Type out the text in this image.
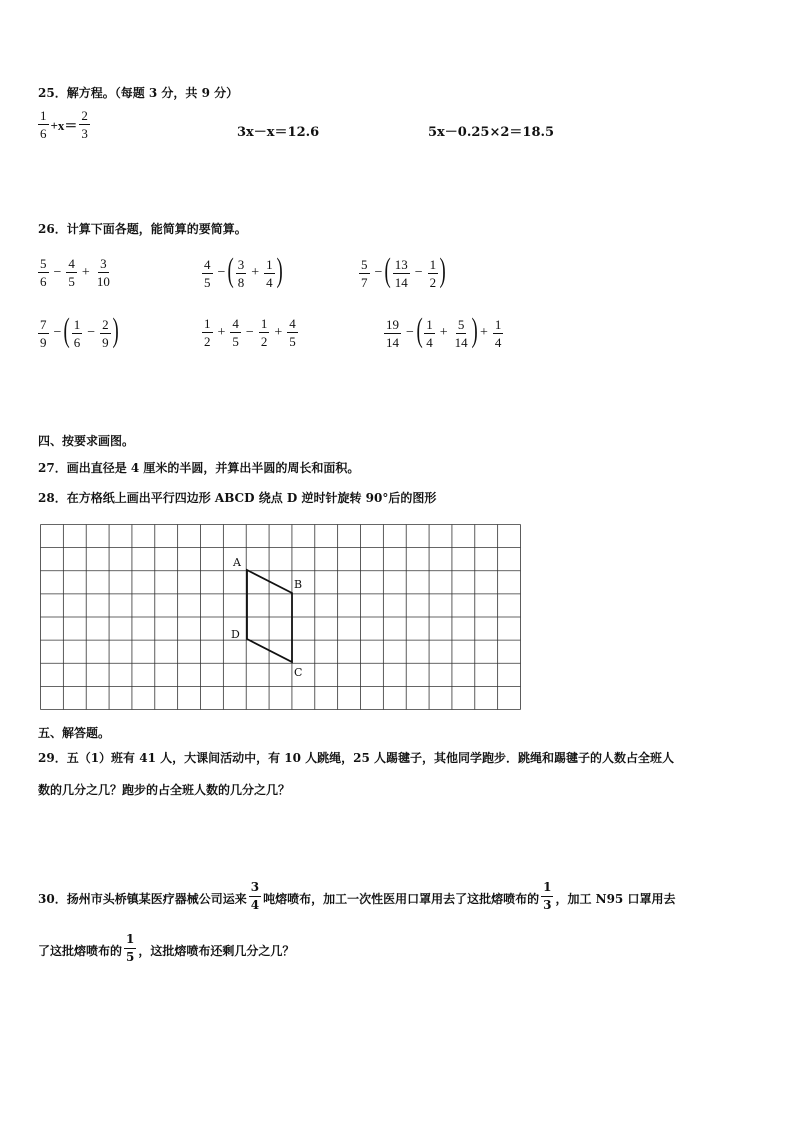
25．解方程。（每题 3 分，共 9 分）
$\frac{1}{6} +x= \frac{2}{3}$	3x－x＝12.6	5x－0.25×2＝18.5
26．计算下面各题，能简算的要简算。
$\frac{5}{6} - \frac{4}{5} + \frac{3}{10}$	$\frac{4}{5}$ − ( $\frac{3}{8} + \frac{1}{4}$ )	$\frac{5}{7}$ − ( $\frac{13}{14} - \frac{1}{2}$ )
$\frac{7}{9}$ − ( $\frac{1}{6} - \frac{2}{9}$ )	$\frac{1}{2} + \frac{4}{5} - \frac{1}{2} + \frac{4}{5}$	$\frac{19}{14}$ − ( $\frac{1}{4} + \frac{5}{14}$ ) + $\frac{1}{4}$
四、按要求画图。
27．画出直径是 4 厘米的半圆，并算出半圆的周长和面积。
28．在方格纸上画出平行四边形 ABCD 绕点 D 逆时针旋转 90°后的图形
A
B
C
D
五、解答题。
29．五（1）班有 41 人，大课间活动中，有 10 人跳绳，25 人踢毽子，其他同学跑步．跳绳和踢毽子的人数占全班人
数的几分之几？跑步的占全班人数的几分之几？
30．扬州市头桥镇某医疗器械公司运来 $\frac{3}{4}$ 吨熔喷布，加工一次性医用口罩用去了这批熔喷布的 $\frac{1}{3}$ ，加工 N95 口罩用去
了这批熔喷布的 $\frac{1}{5}$ ，这批熔喷布还剩几分之几？
